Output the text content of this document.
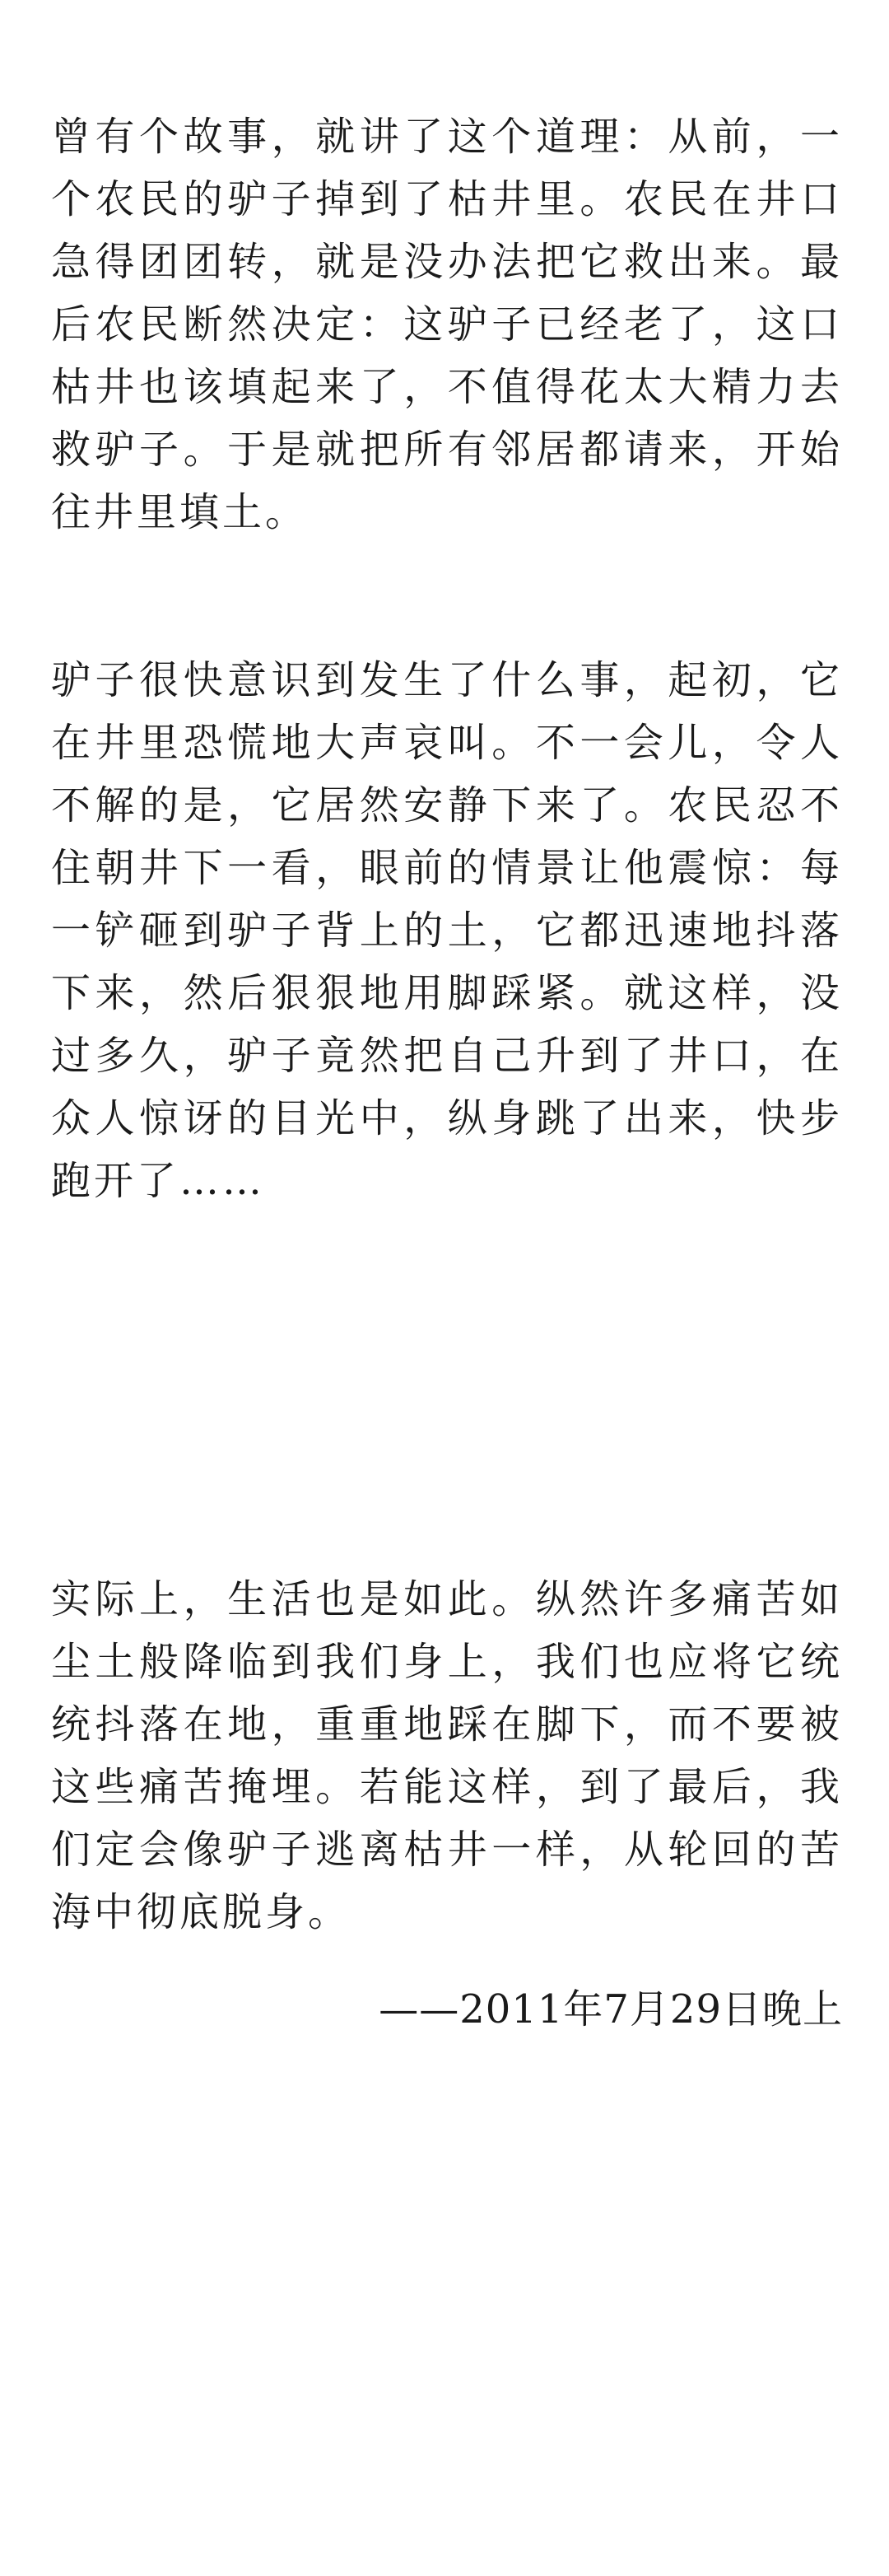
曾有个故事，就讲了这个道理：从前，一个农民的驴子掉到了枯井里。农民在井口急得团团转，就是没办法把它救出来。最后农民断然决定：这驴子已经老了，这口枯井也该填起来了，不值得花太大精力去救驴子。于是就把所有邻居都请来，开始往井里填土。

驴子很快意识到发生了什么事，起初，它在井里恐慌地大声哀叫。不一会儿，令人不解的是，它居然安静下来了。农民忍不住朝井下一看，眼前的情景让他震惊：每一铲砸到驴子背上的土，它都迅速地抖落下来，然后狠狠地用脚踩紧。就这样，没过多久，驴子竟然把自己升到了井口，在众人惊讶的目光中，纵身跳了出来，快步跑开了……

实际上，生活也是如此。纵然许多痛苦如尘土般降临到我们身上，我们也应将它统统抖落在地，重重地踩在脚下，而不要被这些痛苦掩埋。若能这样，到了最后，我们定会像驴子逃离枯井一样，从轮回的苦海中彻底脱身。

——2011年7月29日晚上
